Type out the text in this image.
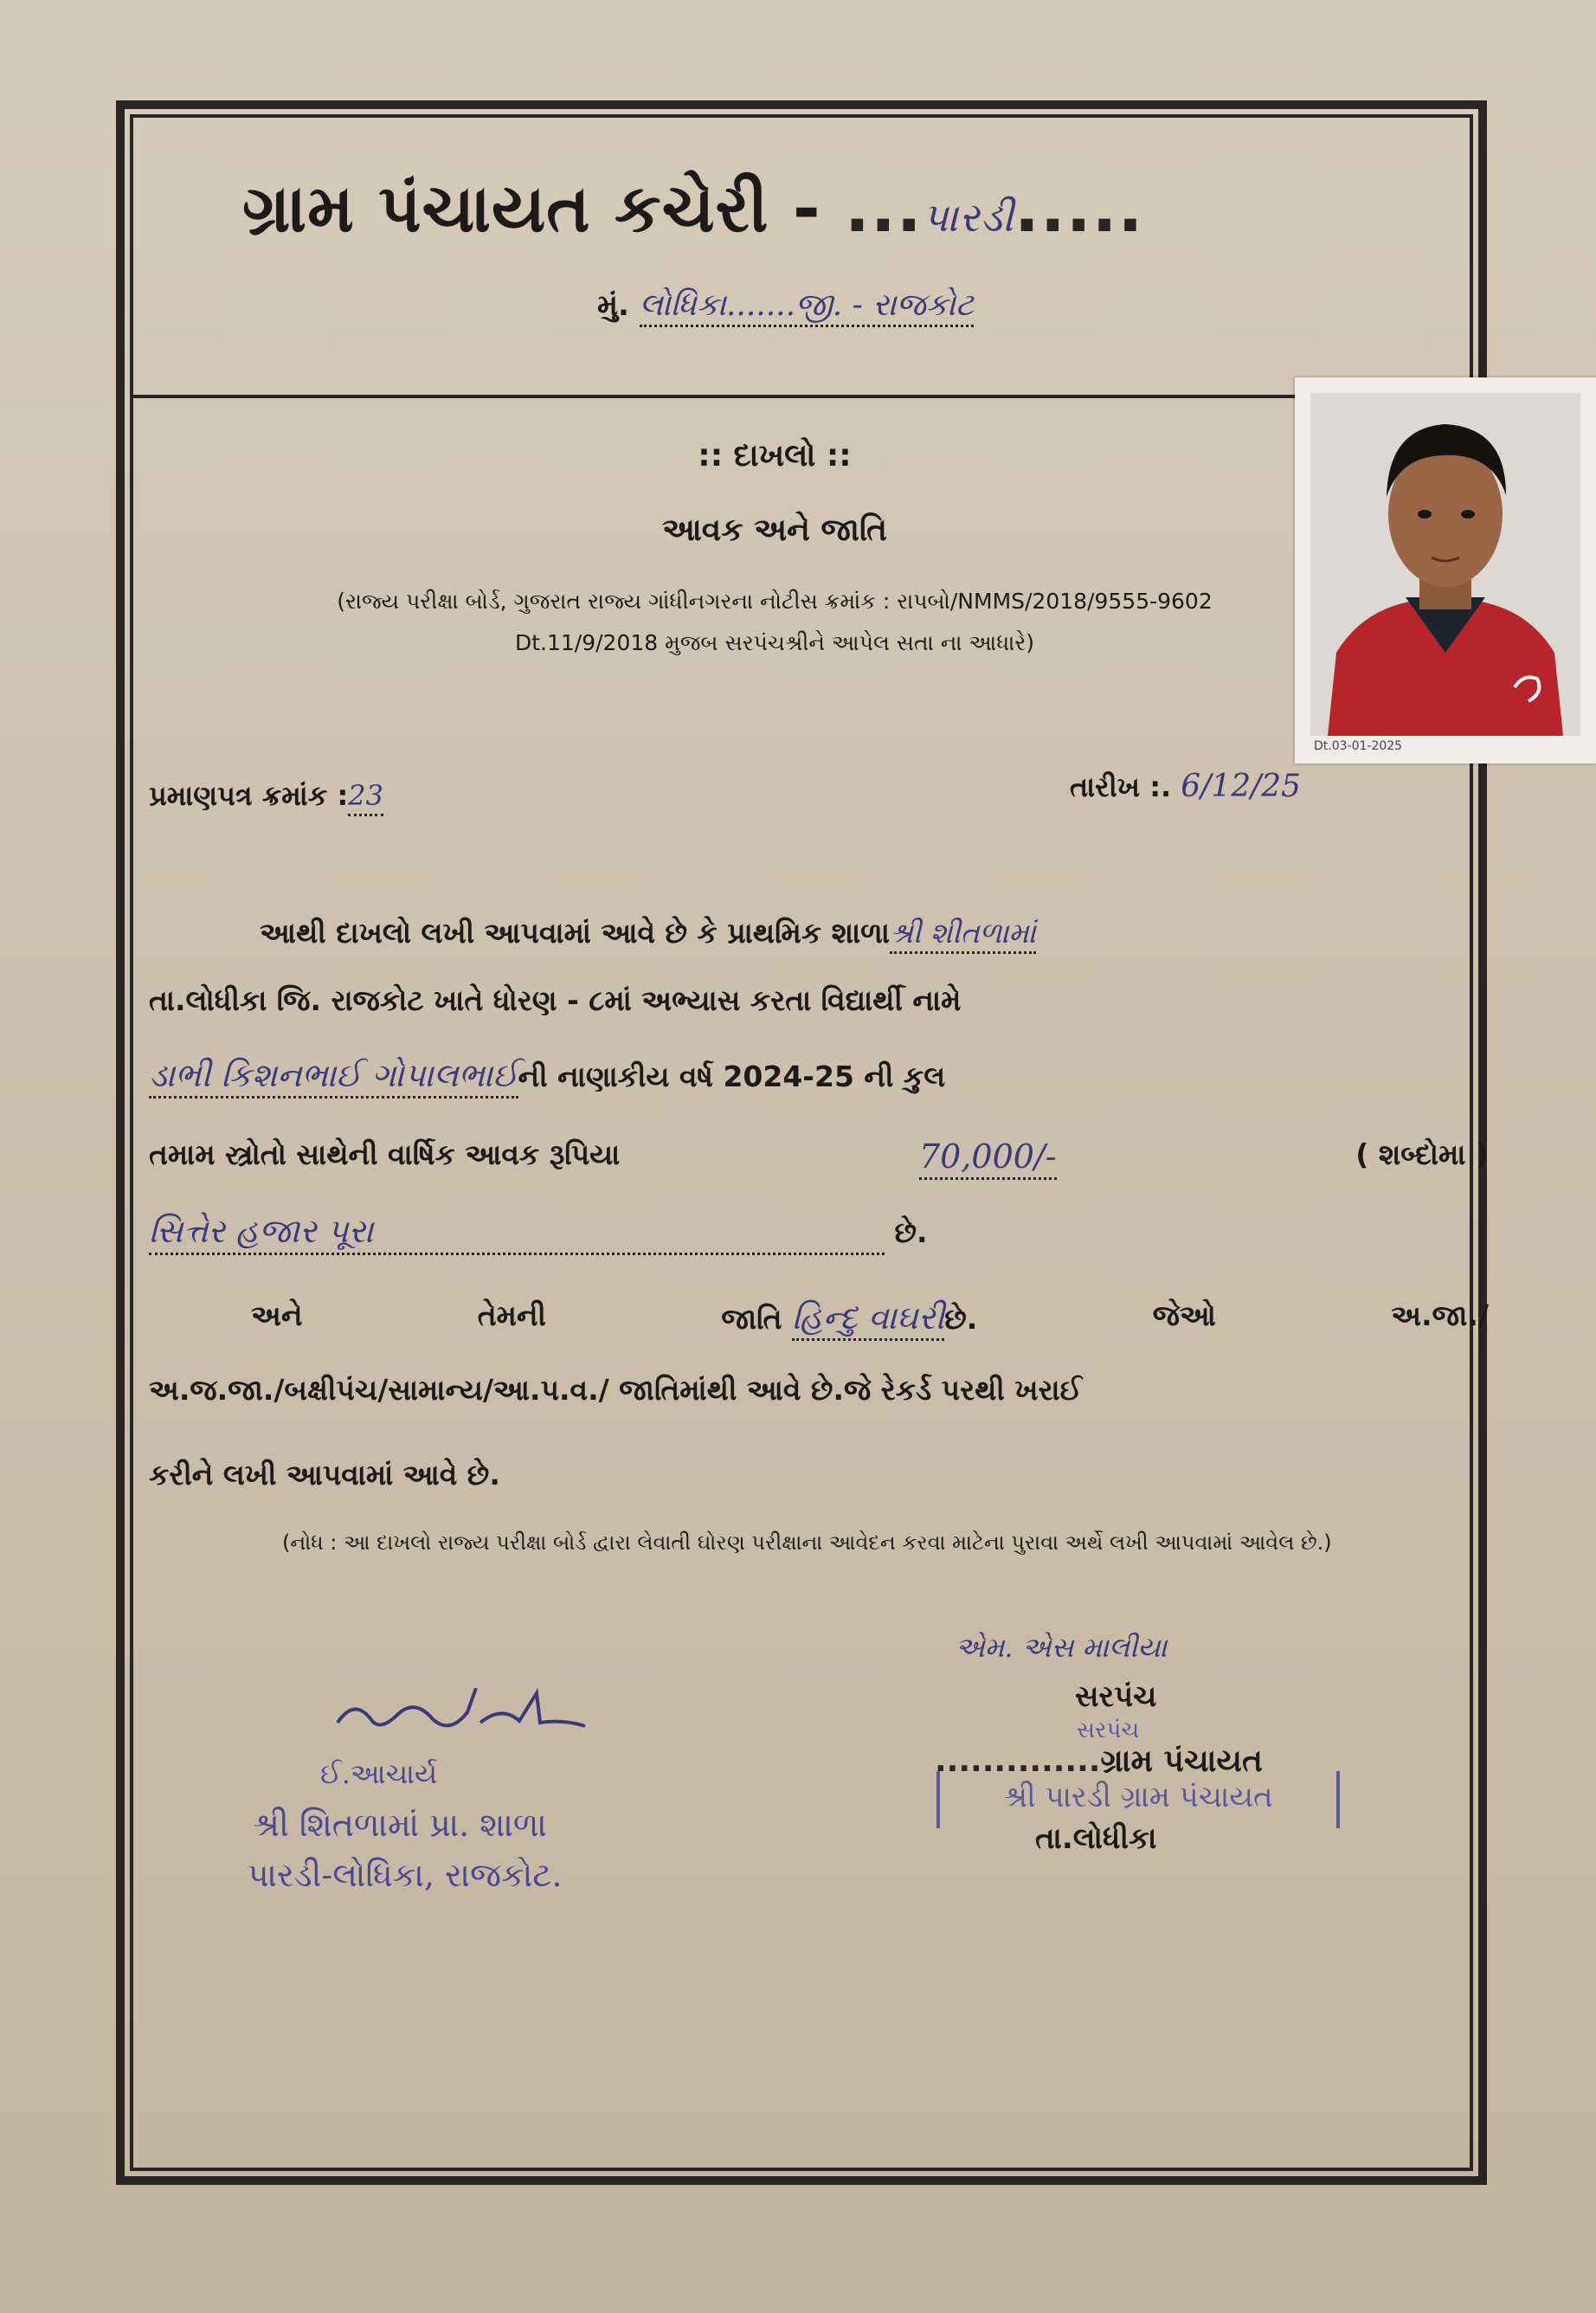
ગ્રામ પંચાયત કચેરી - ...પારડી.....
મું. લોધિકા.......જી. - રાજકોટ
Dt.03-01-2025
:: દાખલો ::
આવક અને જાતિ
(રાજ્ય પરીક્ષા બોર્ડ, ગુજરાત રાજ્ય ગાંધીનગરના નોટીસ ક્રમાંક : રાપબો/NMMS/2018/9555-9602
Dt.11/9/2018 મુજબ સરપંચશ્રીને આપેલ સતા ના આધારે)
પ્રમાણપત્ર ક્રમાંક :23	તારીખ :. 6/12/25
આથી દાખલો લખી આપવામાં આવે છે કે પ્રાથમિક શાળાશ્રી શીતળામાં
તા.લોધીકા જિ. રાજકોટ ખાતે ધોરણ - ૮માં અભ્યાસ કરતા વિદ્યાર્થી નામે
ડાભી કિશનભાઈ ગોપાલભાઈની નાણાકીય વર્ષ 2024-25 ની કુલ
તમામ સ્ત્રોતો સાથેની વાર્ષિક આવક રૂપિયા	70,000/-	( શબ્દોમા )
સિત્તેર હજાર પૂરા	છે.
અને	તેમની	જાતિ હિન્દુ વાઘરીછે.	જેઓ	અ.જા./
અ.જ.જા./બક્ષીપંચ/સામાન્ય/આ.પ.વ./ જાતિમાંથી આવે છે.જે રેકર્ડ પરથી ખરાઈ
કરીને લખી આપવામાં આવે છે.
(નોધ : આ દાખલો રાજ્ય પરીક્ષા બોર્ડ દ્વારા લેવાતી ઘોરણ પરીક્ષાના આવેદન કરવા માટેના પુરાવા અર્થે લખી આપવામાં આવેલ છે.)
એમ. એસ માલીયા
સરપંચ
સરપંચ
..............ગ્રામ પંચાયત
શ્રી પારડી ગ્રામ પંચાયત
તા.લોધીકા
ઈ.આચાર્ય
શ્રી શિતળામાં પ્રા. શાળા
પારડી-લોધિકા, રાજકોટ.
